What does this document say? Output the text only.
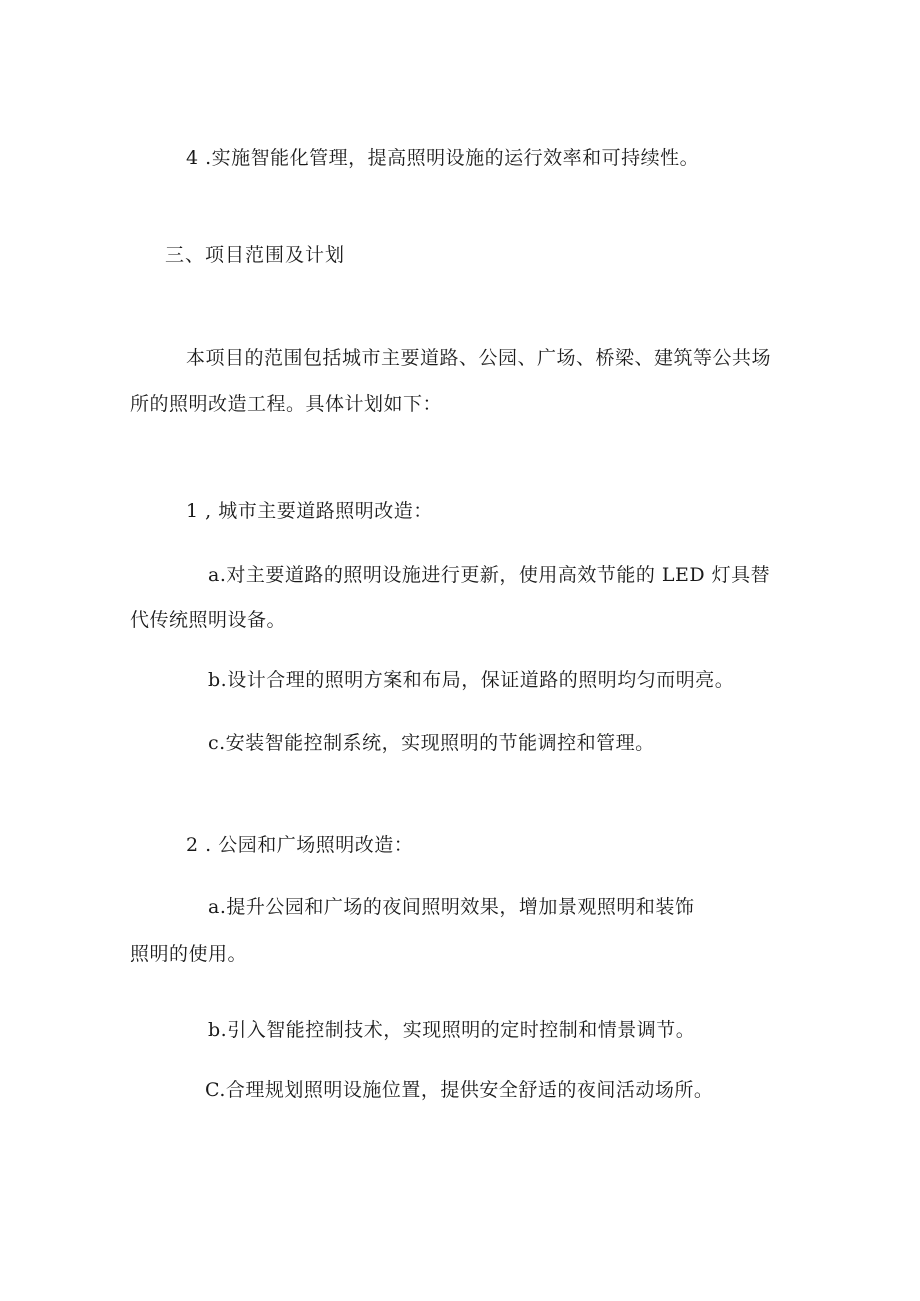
4 .实施智能化管理，提高照明设施的运行效率和可持续性。
三、项目范围及计划
本项目的范围包括城市主要道路、公园、广场、桥梁、建筑等公共场
所的照明改造工程。具体计划如下：
1 , 城市主要道路照明改造：
a.对主要道路的照明设施进行更新，使用高效节能的 LED 灯具替
代传统照明设备。
b.设计合理的照明方案和布局，保证道路的照明均匀而明亮。
c.安装智能控制系统，实现照明的节能调控和管理。
2 . 公园和广场照明改造：
a.提升公园和广场的夜间照明效果，增加景观照明和装饰
照明的使用。
b.引入智能控制技术，实现照明的定时控制和情景调节。
C.合理规划照明设施位置，提供安全舒适的夜间活动场所。
